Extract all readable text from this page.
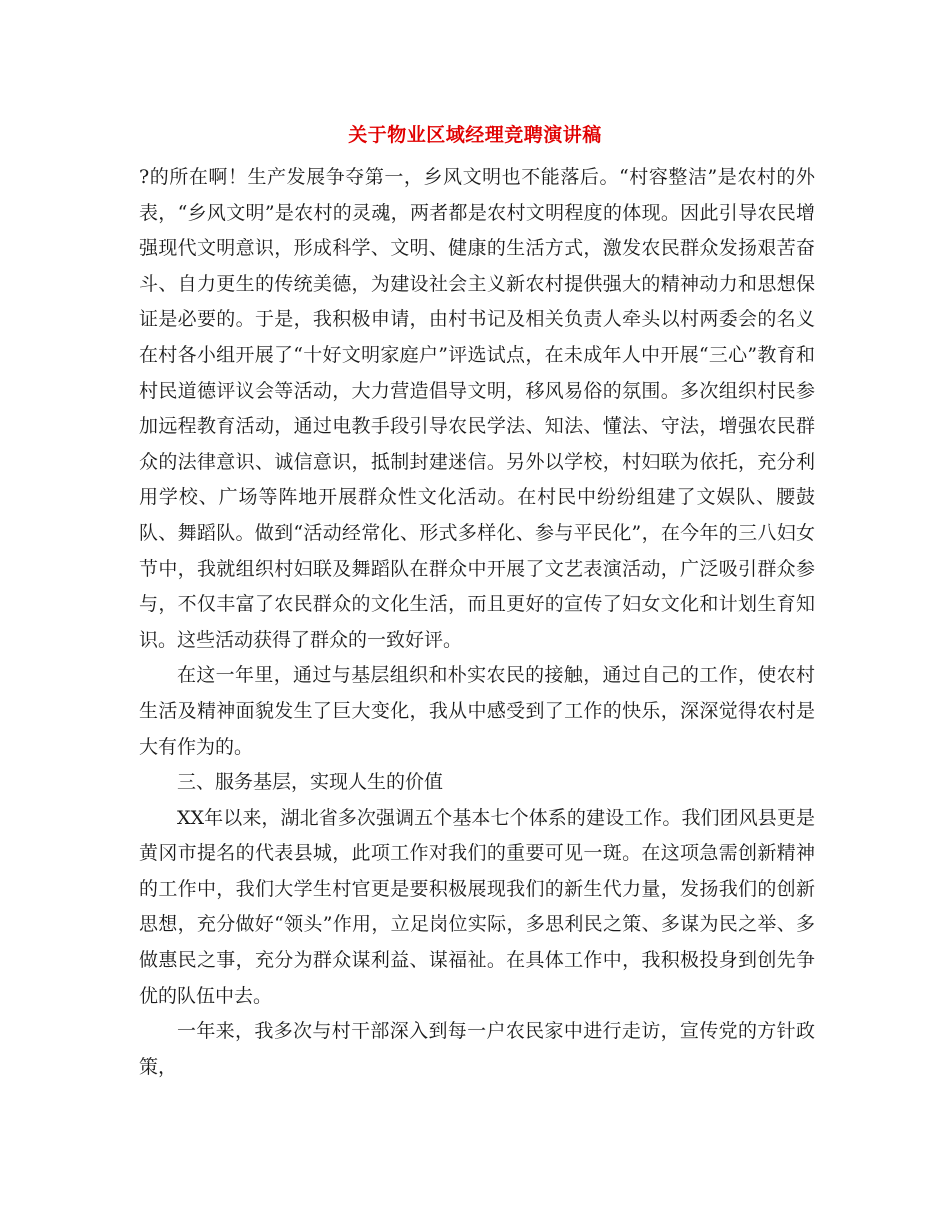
关于物业区域经理竞聘演讲稿

?的所在啊！生产发展争夺第一，乡风文明也不能落后。“村容整洁”是农村的外表，“乡风文明”是农村的灵魂，两者都是农村文明程度的体现。因此引导农民增强现代文明意识，形成科学、文明、健康的生活方式，激发农民群众发扬艰苦奋斗、自力更生的传统美德，为建设社会主义新农村提供强大的精神动力和思想保证是必要的。于是，我积极申请，由村书记及相关负责人牵头以村两委会的名义在村各小组开展了“十好文明家庭户”评选试点，在未成年人中开展“三心”教育和村民道德评议会等活动，大力营造倡导文明，移风易俗的氛围。多次组织村民参加远程教育活动，通过电教手段引导农民学法、知法、懂法、守法，增强农民群众的法律意识、诚信意识，抵制封建迷信。另外以学校，村妇联为依托，充分利用学校、广场等阵地开展群众性文化活动。在村民中纷纷组建了文娱队、腰鼓队、舞蹈队。做到“活动经常化、形式多样化、参与平民化”，在今年的三八妇女节中，我就组织村妇联及舞蹈队在群众中开展了文艺表演活动，广泛吸引群众参与，不仅丰富了农民群众的文化生活，而且更好的宣传了妇女文化和计划生育知识。这些活动获得了群众的一致好评。

在这一年里，通过与基层组织和朴实农民的接触，通过自己的工作，使农村生活及精神面貌发生了巨大变化，我从中感受到了工作的快乐，深深觉得农村是大有作为的。

三、服务基层，实现人生的价值

XX年以来，湖北省多次强调五个基本七个体系的建设工作。我们团风县更是黄冈市提名的代表县城，此项工作对我们的重要可见一斑。在这项急需创新精神的工作中，我们大学生村官更是要积极展现我们的新生代力量，发扬我们的创新思想，充分做好“领头”作用，立足岗位实际，多思利民之策、多谋为民之举、多做惠民之事，充分为群众谋利益、谋福祉。在具体工作中，我积极投身到创先争优的队伍中去。

一年来，我多次与村干部深入到每一户农民家中进行走访，宣传党的方针政策，
